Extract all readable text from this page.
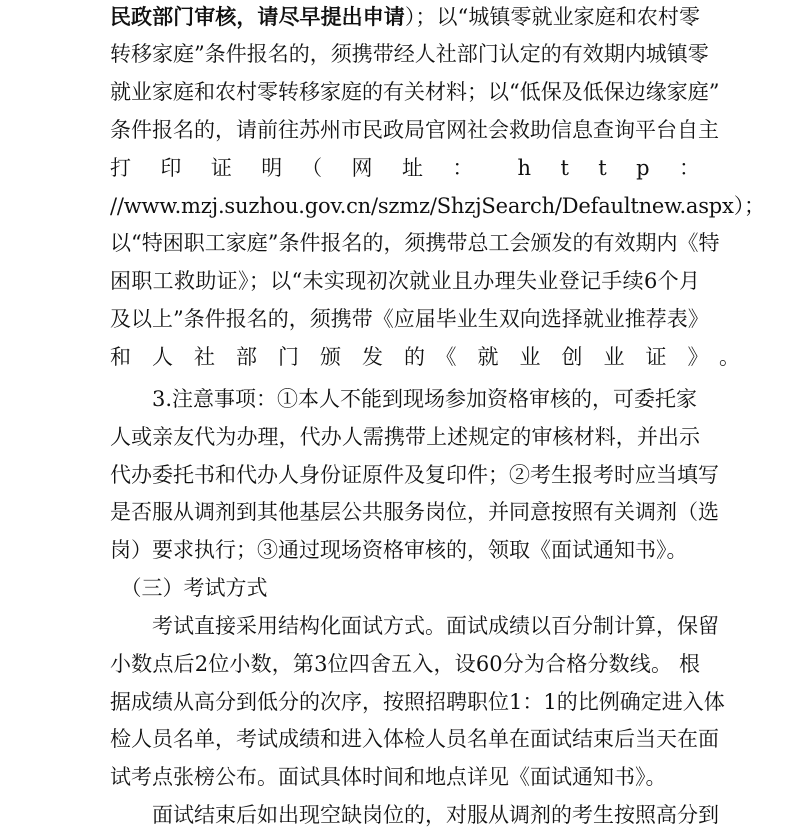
民政部门审核，请尽早提出申请）；以“城镇零就业家庭和农村零
转移家庭”条件报名的，须携带经人社部门认定的有效期内城镇零
就业家庭和农村零转移家庭的有关材料；以“低保及低保边缘家庭”
条件报名的，请前往苏州市民政局官网社会救助信息查询平台自主
打　印　证　明　（　网　址　：　　h　t　t　p　：
//www.mzj.suzhou.gov.cn/szmz/ShzjSearch/Defaultnew.aspx）；
以“特困职工家庭”条件报名的，须携带总工会颁发的有效期内《特
困职工救助证》；以“未实现初次就业且办理失业登记手续6个月
及以上”条件报名的，须携带《应届毕业生双向选择就业推荐表》
和　人　社　部　门　颁　发　的　《　就　业　创　业　证　》　。
　　3.注意事项：①本人不能到现场参加资格审核的，可委托家
人或亲友代为办理，代办人需携带上述规定的审核材料，并出示
代办委托书和代办人身份证原件及复印件；②考生报考时应当填写
是否服从调剂到其他基层公共服务岗位，并同意按照有关调剂（选
岗）要求执行；③通过现场资格审核的，领取《面试通知书》。
　（三）考试方式
　　考试直接采用结构化面试方式。面试成绩以百分制计算，保留
小数点后2位小数，第3位四舍五入，设60分为合格分数线。 根
据成绩从高分到低分的次序，按照招聘职位1：1的比例确定进入体
检人员名单，考试成绩和进入体检人员名单在面试结束后当天在面
试考点张榜公布。面试具体时间和地点详见《面试通知书》。
　　面试结束后如出现空缺岗位的，对服从调剂的考生按照高分到
